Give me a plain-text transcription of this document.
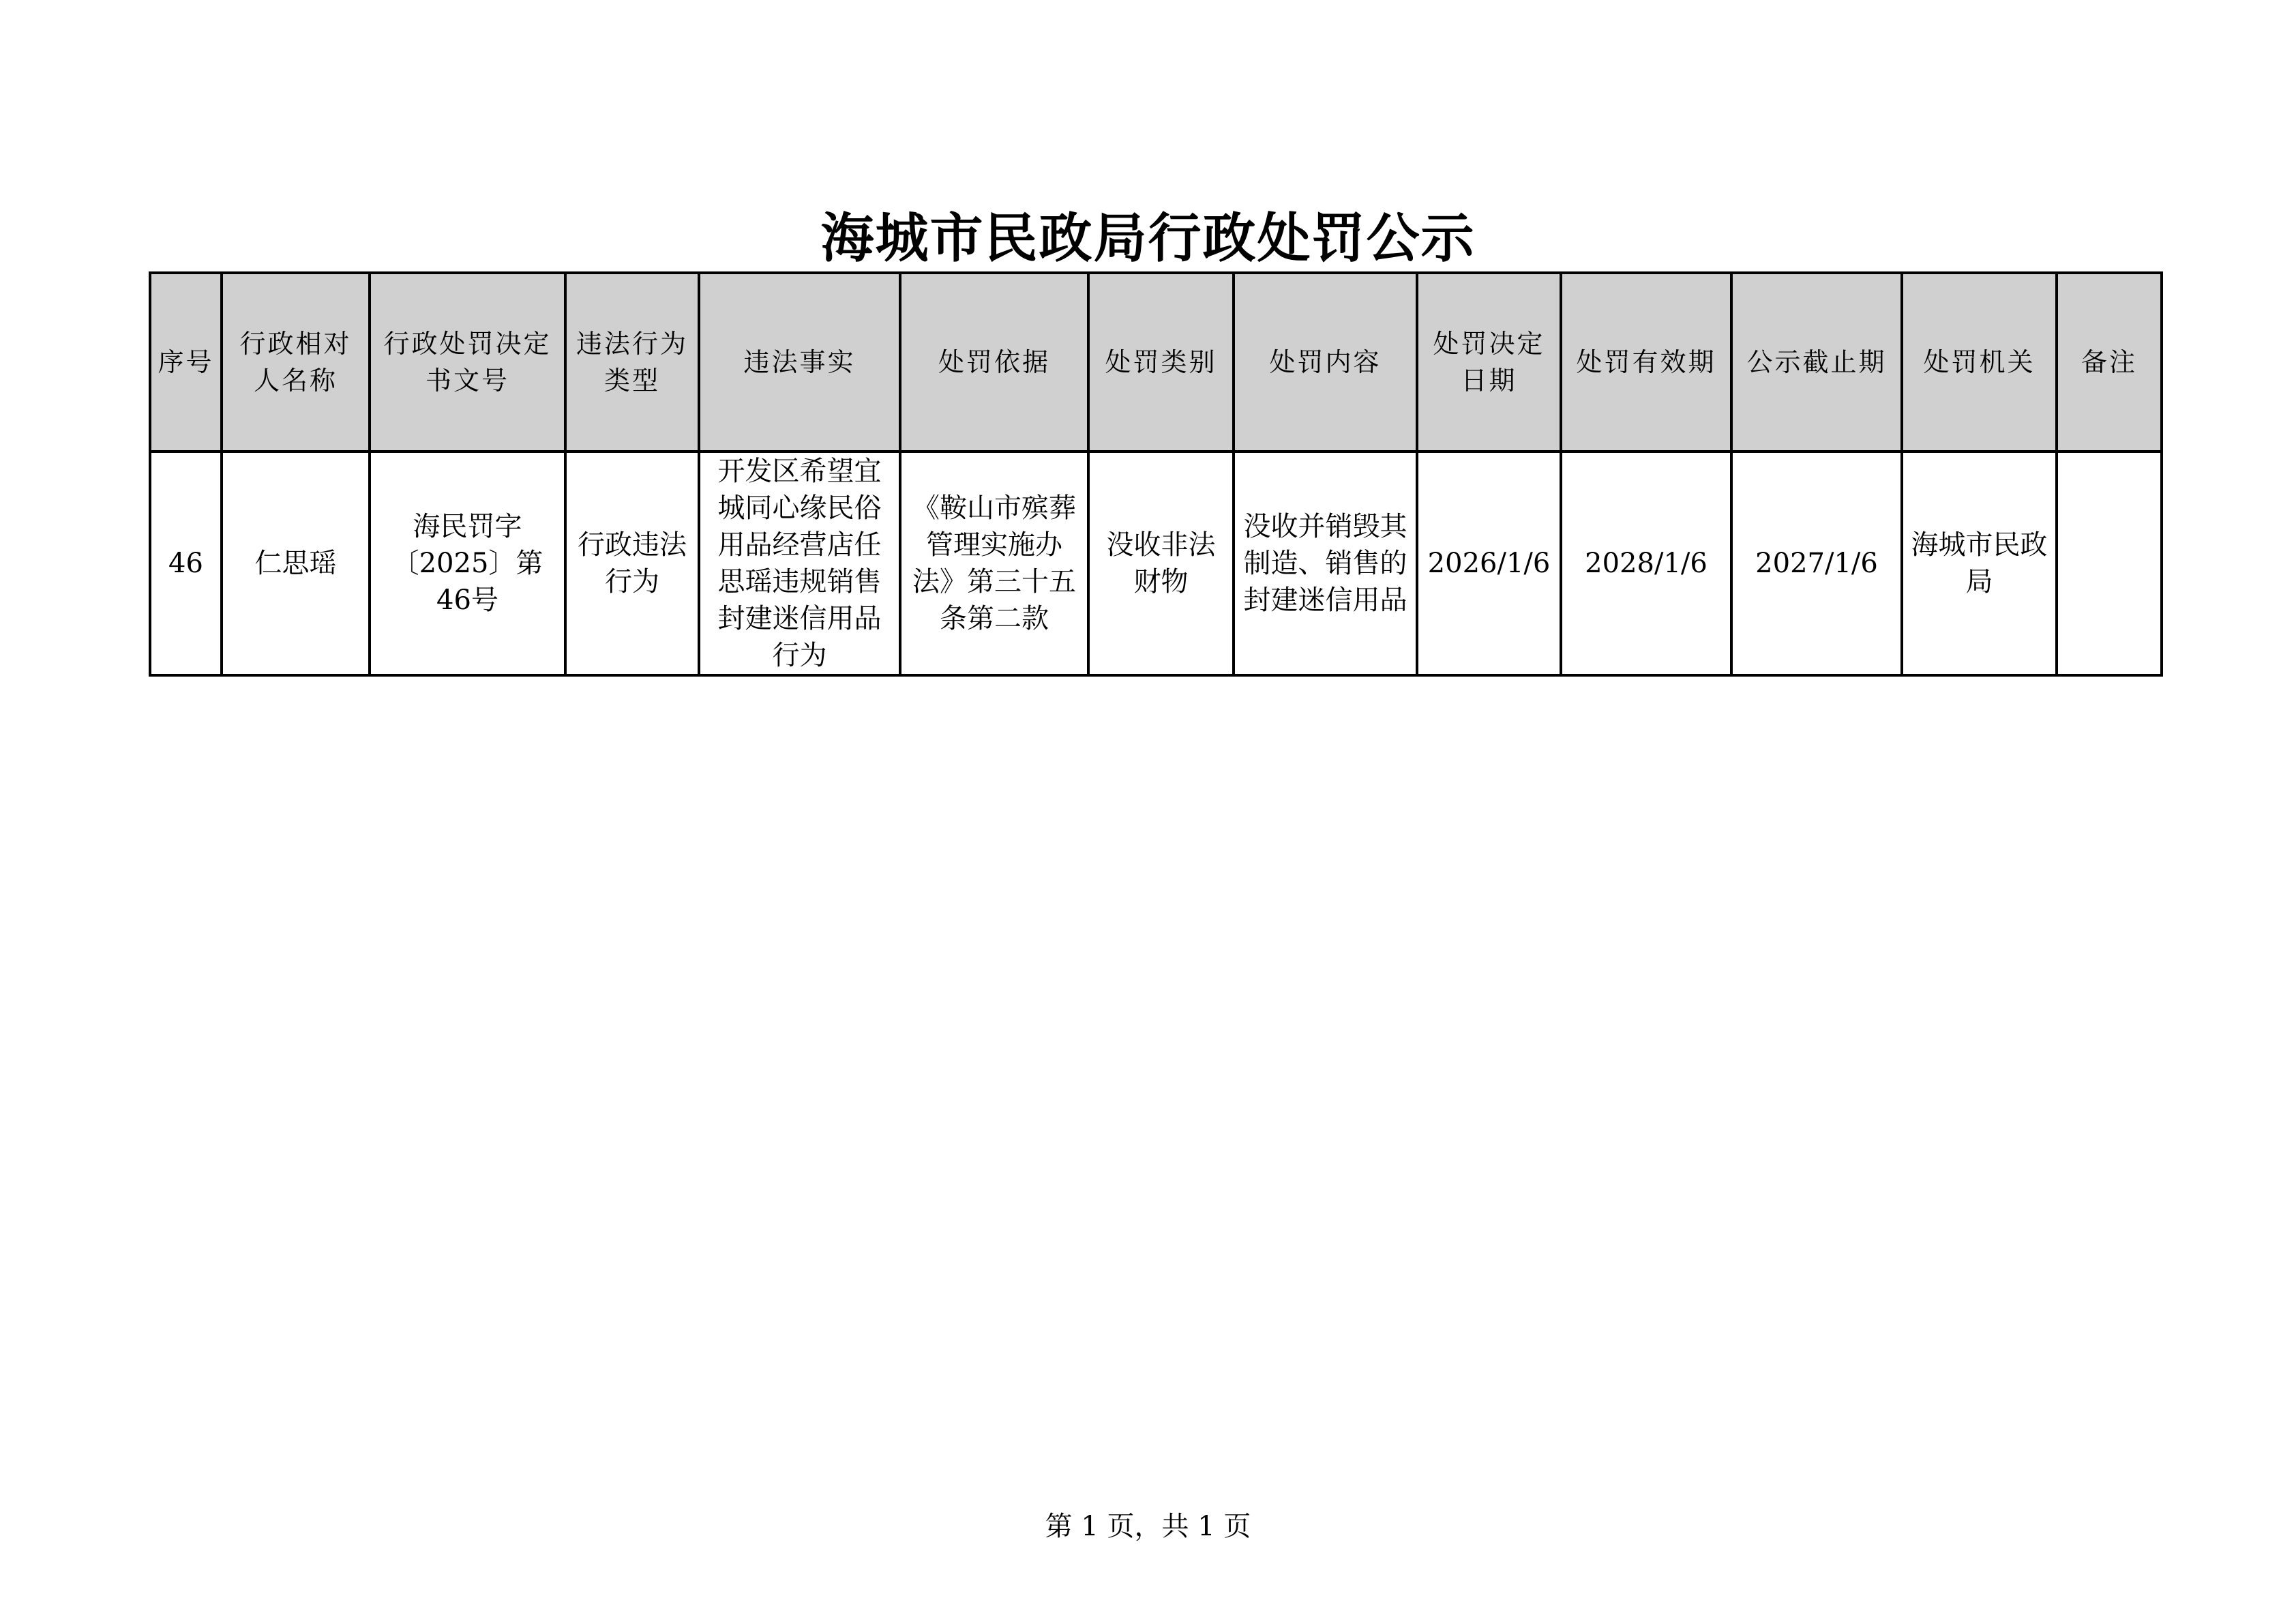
海城市民政局行政处罚公示
序号	行政相对人名称	行政处罚决定书文号	违法行为类型	违法事实	处罚依据	处罚类别	处罚内容	处罚决定日期	处罚有效期	公示截止期	处罚机关	备注
46	仁思瑶	海民罚字〔2025〕第46号	行政违法行为	开发区希望宜城同心缘民俗用品经营店任思瑶违规销售封建迷信用品行为	《鞍山市殡葬管理实施办法》第三十五条第二款	没收非法财物	没收并销毁其制造、销售的封建迷信用品	2026/1/6	2028/1/6	2027/1/6	海城市民政局	
第 1 页，共 1 页
